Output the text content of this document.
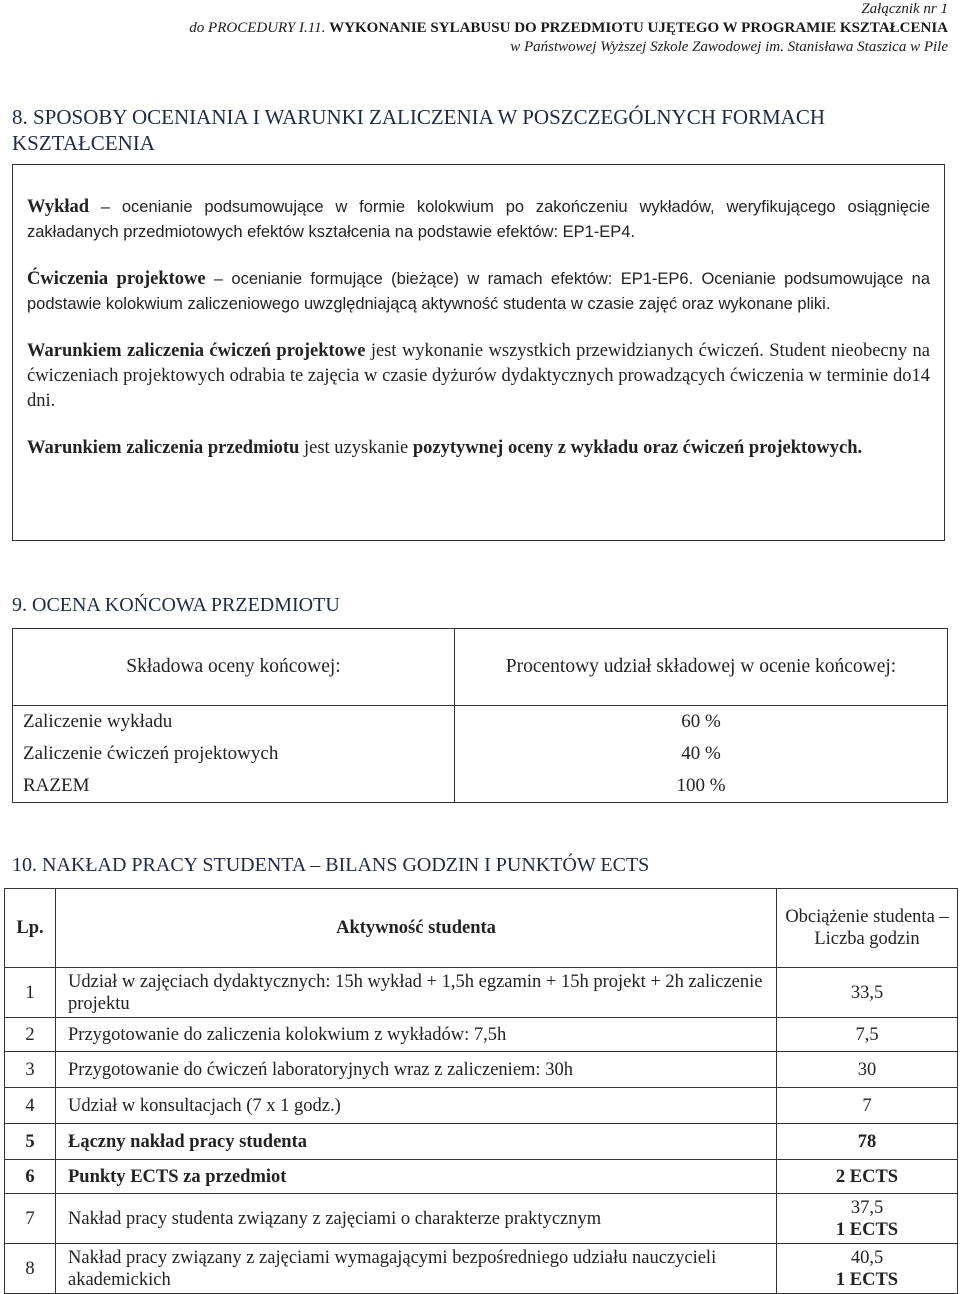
Załącznik nr 1
do PROCEDURY I.11. WYKONANIE SYLABUSU DO PRZEDMIOTU UJĘTEGO W PROGRAMIE KSZTAŁCENIA
w Państwowej Wyższej Szkole Zawodowej im. Stanisława Staszica w Pile
8. SPOSOBY OCENIANIA I WARUNKI ZALICZENIA W POSZCZEGÓLNYCH FORMACH KSZTAŁCENIA

Wykład – ocenianie podsumowujące w formie kolokwium po zakończeniu wykładów, weryfikującego osiągnięcie zakładanych przedmiotowych efektów kształcenia na podstawie efektów: EP1-EP4.

Ćwiczenia projektowe – ocenianie formujące (bieżące) w ramach efektów: EP1-EP6. Ocenianie podsumowujące na podstawie kolokwium zaliczeniowego uwzględniającą aktywność studenta w czasie zajęć oraz wykonane pliki.

Warunkiem zaliczenia ćwiczeń projektowe jest wykonanie wszystkich przewidzianych ćwiczeń. Student nieobecny na ćwiczeniach projektowych odrabia te zajęcia w czasie dyżurów dydaktycznych prowadzących ćwiczenia w terminie do14 dni.

Warunkiem zaliczenia przedmiotu jest uzyskanie pozytywnej oceny z wykładu oraz ćwiczeń projektowych.

9. OCENA KOŃCOWA PRZEDMIOTU
Składowa oceny końcowej:	Procentowy udział składowej w ocenie końcowej:
Zaliczenie wykładu	60 %
Zaliczenie ćwiczeń projektowych	40 %
RAZEM	100 %
10. NAKŁAD PRACY STUDENTA – BILANS GODZIN I PUNKTÓW ECTS
Lp.	Aktywność studenta	Obciążenie studenta – Liczba godzin
1	Udział w zajęciach dydaktycznych: 15h wykład + 1,5h egzamin + 15h projekt + 2h zaliczenie projektu	33,5
2	Przygotowanie do zaliczenia kolokwium z wykładów: 7,5h	7,5
3	Przygotowanie do ćwiczeń laboratoryjnych wraz z zaliczeniem: 30h	30
4	Udział w konsultacjach (7 x 1 godz.)	7
5	Łączny nakład pracy studenta	78
6	Punkty ECTS za przedmiot	2 ECTS
7	Nakład pracy studenta związany z zajęciami o charakterze praktycznym	37,5
1 ECTS

8	Nakład pracy związany z zajęciami wymagającymi bezpośredniego udziału nauczycieli akademickich	40,5
1 ECTS
